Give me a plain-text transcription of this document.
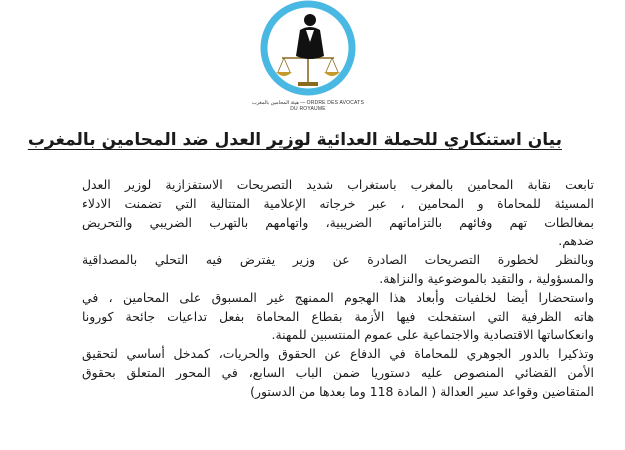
هيئة المحامين بالمغرب — ORDRE DES AVOCATS DU ROYAUME
بيان استنكاري للحملة العدائية لوزير العدل ضد المحامين بالمغرب
تابعت نقابة المحامين بالمغرب باستغراب شديد التصريحات الاستفزازية لوزير العدل
المسيئة للمحاماة و المحامين ، عبر خرجاته الإعلامية المتتالية التي تضمنت الادلاء
بمغالطات تهم وفائهم بالتزاماتهم الضريبية، واتهامهم بالتهرب الضريبي والتحريض
ضدهم.
وبالنظر لخطورة التصريحات الصادرة عن وزير يفترض فيه التحلي بالمصداقية
والمسؤولية ، والتقيد بالموضوعية والنزاهة.
واستحضارا أيضا لخلفيات وأبعاد هذا الهجوم الممنهج غير المسبوق على المحامين ، في
هاته الظرفية التي استفحلت فيها الأزمة بقطاع المحاماة بفعل تداعيات جائحة كورونا
وانعكاساتها الاقتصادية والاجتماعية على عموم المنتسبين للمهنة.
وتذكيرا بالدور الجوهري للمحاماة في الدفاع عن الحقوق والحريات، كمدخل أساسي لتحقيق
الأمن القضائي المنصوص عليه دستوريا ضمن الباب السابع، في المحور المتعلق بحقوق
المتقاضين وقواعد سير العدالة ( المادة 118 وما بعدها من الدستور)
